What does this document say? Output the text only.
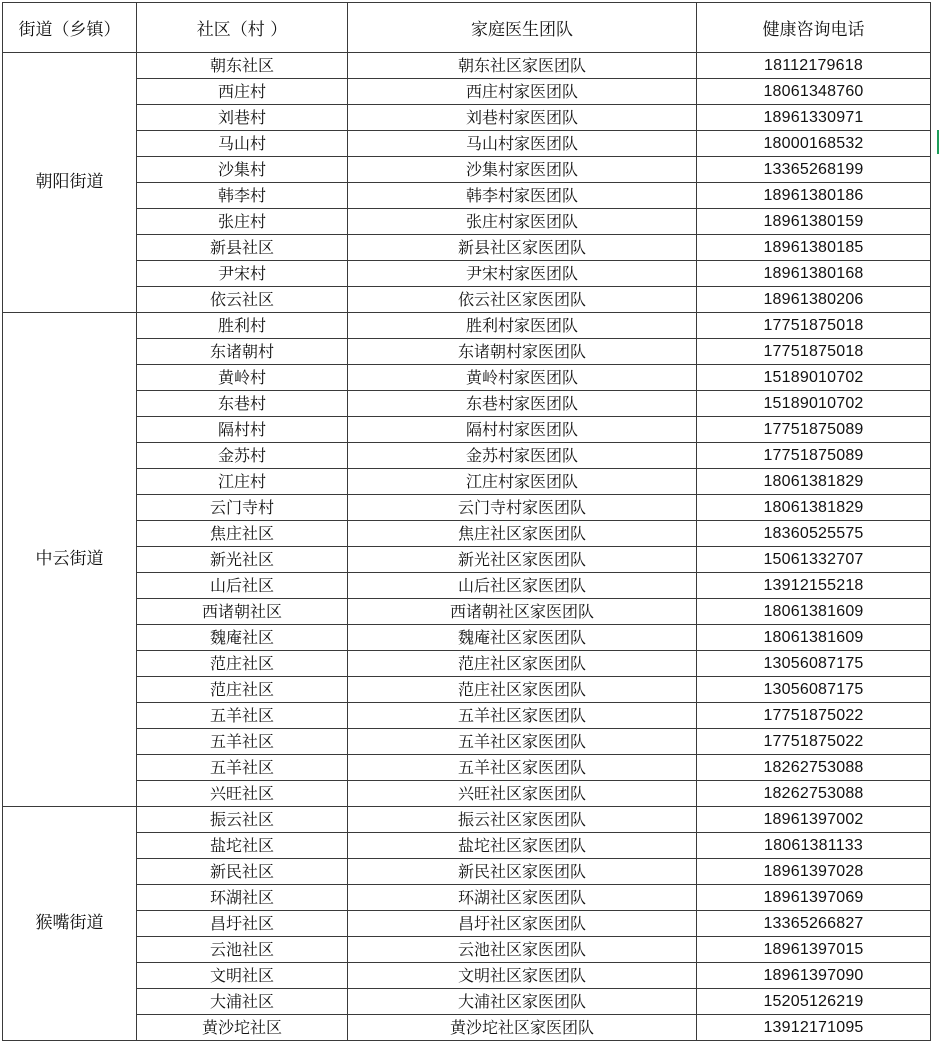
街道（乡镇）	社区（村 ）	家庭医生团队	健康咨询电话
朝阳街道	朝东社区	朝东社区家医团队	18112179618
	西庄村	西庄村家医团队	18061348760
	刘巷村	刘巷村家医团队	18961330971
	马山村	马山村家医团队	18000168532
	沙集村	沙集村家医团队	13365268199
	韩李村	韩李村家医团队	18961380186
	张庄村	张庄村家医团队	18961380159
	新县社区	新县社区家医团队	18961380185
	尹宋村	尹宋村家医团队	18961380168
	依云社区	依云社区家医团队	18961380206
中云街道	胜利村	胜利村家医团队	17751875018
	东诸朝村	东诸朝村家医团队	17751875018
	黄岭村	黄岭村家医团队	15189010702
	东巷村	东巷村家医团队	15189010702
	隔村村	隔村村家医团队	17751875089
	金苏村	金苏村家医团队	17751875089
	江庄村	江庄村家医团队	18061381829
	云门寺村	云门寺村家医团队	18061381829
	焦庄社区	焦庄社区家医团队	18360525575
	新光社区	新光社区家医团队	15061332707
	山后社区	山后社区家医团队	13912155218
	西诸朝社区	西诸朝社区家医团队	18061381609
	魏庵社区	魏庵社区家医团队	18061381609
	范庄社区	范庄社区家医团队	13056087175
	范庄社区	范庄社区家医团队	13056087175
	五羊社区	五羊社区家医团队	17751875022
	五羊社区	五羊社区家医团队	17751875022
	五羊社区	五羊社区家医团队	18262753088
	兴旺社区	兴旺社区家医团队	18262753088
猴嘴街道	振云社区	振云社区家医团队	18961397002
	盐坨社区	盐坨社区家医团队	18061381133
	新民社区	新民社区家医团队	18961397028
	环湖社区	环湖社区家医团队	18961397069
	昌圩社区	昌圩社区家医团队	13365266827
	云池社区	云池社区家医团队	18961397015
	文明社区	文明社区家医团队	18961397090
	大浦社区	大浦社区家医团队	15205126219
	黄沙坨社区	黄沙坨社区家医团队	13912171095
